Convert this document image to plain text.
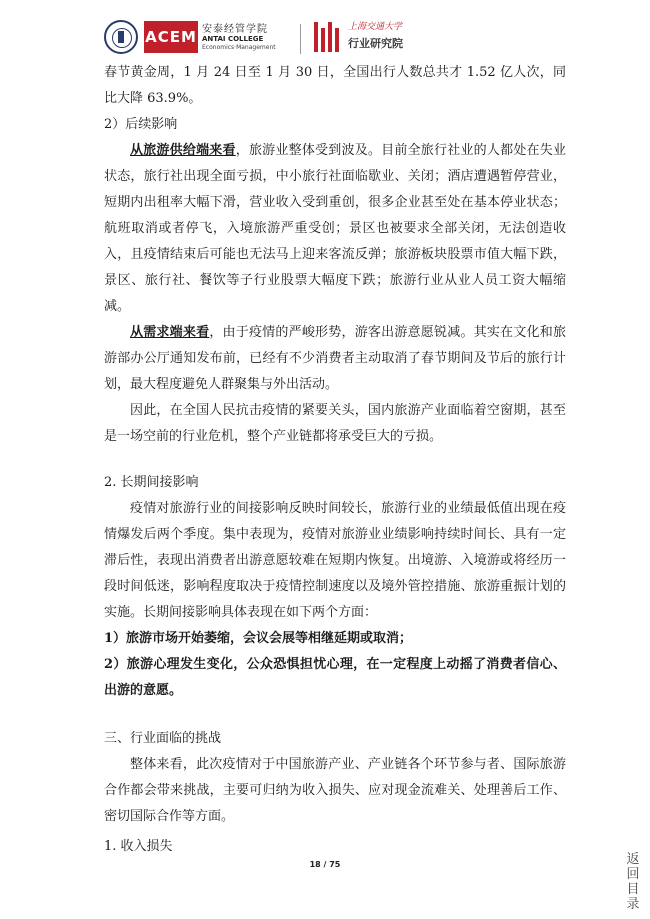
ACEM 安泰经管学院
ANTAI COLLEGE
Economics·Management
上海交通大学
行业研究院

春节黄金周，1 月 24 日至 1 月 30 日，全国出行人数总共才 1.52 亿人次，同比大降 63.9%。

2）后续影响

从旅游供给端来看，旅游业整体受到波及。目前全旅行社业的人都处在失业状态，旅行社出现全面亏损，中小旅行社面临歇业、关闭；酒店遭遇暂停营业，短期内出租率大幅下滑，营业收入受到重创，很多企业甚至处在基本停业状态；航班取消或者停飞，入境旅游严重受创；景区也被要求全部关闭，无法创造收入，且疫情结束后可能也无法马上迎来客流反弹；旅游板块股票市值大幅下跌，景区、旅行社、餐饮等子行业股票大幅度下跌；旅游行业从业人员工资大幅缩减。

从需求端来看，由于疫情的严峻形势，游客出游意愿锐减。其实在文化和旅游部办公厅通知发布前，已经有不少消费者主动取消了春节期间及节后的旅行计划，最大程度避免人群聚集与外出活动。

因此，在全国人民抗击疫情的紧要关头，国内旅游产业面临着空窗期，甚至是一场空前的行业危机，整个产业链都将承受巨大的亏损。

2. 长期间接影响

疫情对旅游行业的间接影响反映时间较长，旅游行业的业绩最低值出现在疫情爆发后两个季度。集中表现为，疫情对旅游业业绩影响持续时间长、具有一定滞后性，表现出消费者出游意愿较难在短期内恢复。出境游、入境游或将经历一段时间低迷，影响程度取决于疫情控制速度以及境外管控措施、旅游重振计划的实施。长期间接影响具体表现在如下两个方面：

1）旅游市场开始萎缩，会议会展等相继延期或取消；

2）旅游心理发生变化，公众恐惧担忧心理，在一定程度上动摇了消费者信心、出游的意愿。

三、行业面临的挑战

整体来看，此次疫情对于中国旅游产业、产业链各个环节参与者、国际旅游合作都会带来挑战，主要可归纳为收入损失、应对现金流难关、处理善后工作、密切国际合作等方面。

1. 收入损失

18 / 75	返回目录
